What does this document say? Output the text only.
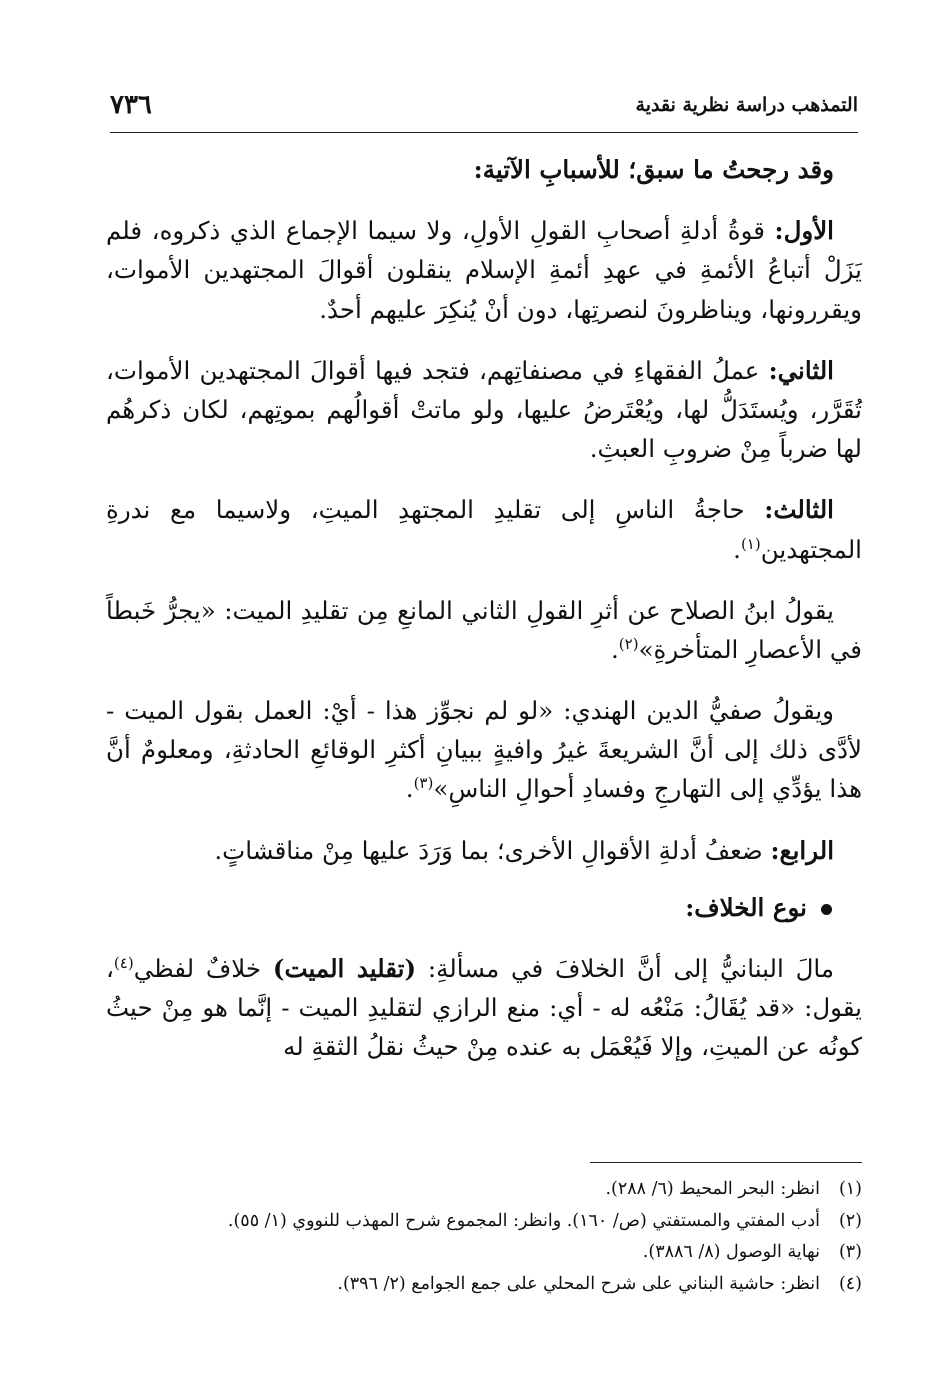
التمذهب دراسة نظرية نقدية
٧٣٦

وقد رجحتُ ما سبق؛ للأسبابِ الآتية:

الأول: قوةُ أدلةِ أصحابِ القولِ الأولِ، ولا سيما الإجماع الذي ذكروه، فلم يَزَلْ أتباعُ الأئمةِ في عهدِ أئمةِ الإسلام ينقلون أقوالَ المجتهدين الأموات، ويقررونها، ويناظرونَ لنصرتِها، دون أنْ يُنكِرَ عليهم أحدٌ.

الثاني: عملُ الفقهاءِ في مصنفاتِهم، فتجد فيها أقوالَ المجتهدين الأموات، تُقَرَّر، ويُستَدَلُّ لها، ويُعْتَرضُ عليها، ولو ماتتْ أقوالُهم بموتِهم، لكان ذكرهُم لها ضرباً مِنْ ضروبِ العبثِ.

الثالث: حاجةُ الناسِ إلى تقليدِ المجتهدِ الميتِ، ولاسيما مع ندرةِ المجتهدين$^{(١)}$.

يقولُ ابنُ الصلاح عن أثرِ القولِ الثاني المانعِ مِن تقليدِ الميت: «يجرُّ خَبطاً في الأعصارِ المتأخرةِ»$^{(٢)}$.

ويقولُ صفيُّ الدين الهندي: «لو لم نجوِّز هذا - أيْ: العمل بقول الميت - لأدَّى ذلك إلى أنَّ الشريعةَ غيرُ وافيةٍ ببيانِ أكثرِ الوقائعِ الحادثةِ، ومعلومٌ أنَّ هذا يؤدِّي إلى التهارجِ وفسادِ أحوالِ الناسِ»$^{(٣)}$.

الرابع: ضعفُ أدلةِ الأقوالِ الأخرى؛ بما وَرَدَ عليها مِنْ مناقشاتٍ.

نوع الخلاف:

مالَ البنانيُّ إلى أنَّ الخلافَ في مسألةِ: (تقليد الميت) خلافٌ لفظي$^{(٤)}$، يقول: «قد يُقَالُ: مَنْعُه له - أي: منع الرازي لتقليدِ الميت - إنَّما هو مِنْ حيثُ كونُه عن الميتِ، وإلا فَيُعْمَل به عنده مِنْ حيثُ نقلُ الثقةِ له

(١)
انظر: البحر المحيط (٦/ ٢٨٨).
(٢)
أدب المفتي والمستفتي (ص/ ١٦٠). وانظر: المجموع شرح المهذب للنووي (١/ ٥٥).
(٣)
نهاية الوصول (٨/ ٣٨٨٦).
(٤)
انظر: حاشية البناني على شرح المحلي على جمع الجوامع (٢/ ٣٩٦).
